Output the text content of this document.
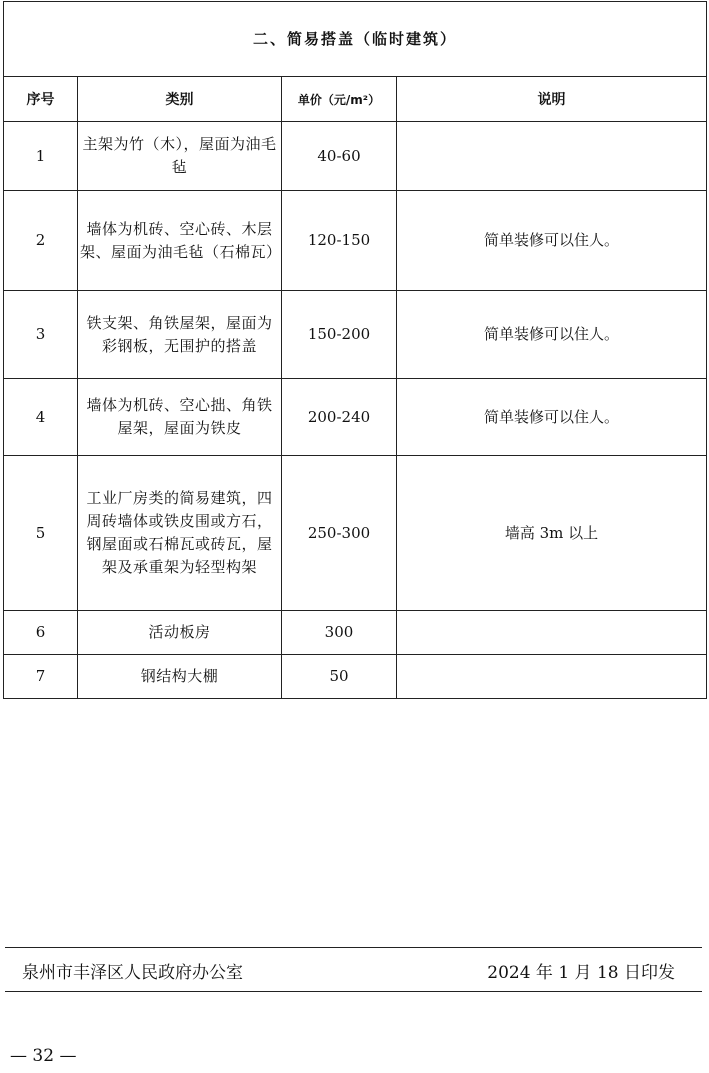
二、简易搭盖（临时建筑）			
序号	类别	单价（元/m²）	说明
1	主架为竹（木），屋面为油毛毡	40-60	
2	墙体为机砖、空心砖、木层架、屋面为油毛毡（石棉瓦）	120-150	简单装修可以住人。
3	铁支架、角铁屋架，屋面为彩钢板，无围护的搭盖	150-200	简单装修可以住人。
4	墙体为机砖、空心拙、角铁屋架，屋面为铁皮	200-240	简单装修可以住人。
5	工业厂房类的简易建筑，四周砖墙体或铁皮围或方石，钢屋面或石棉瓦或砖瓦，屋架及承重架为轻型构架	250-300	墙高 3m 以上
6	活动板房	300	
7	钢结构大棚	50	
泉州市丰泽区人民政府办公室	2024 年 1 月 18 日印发
— 32 —
